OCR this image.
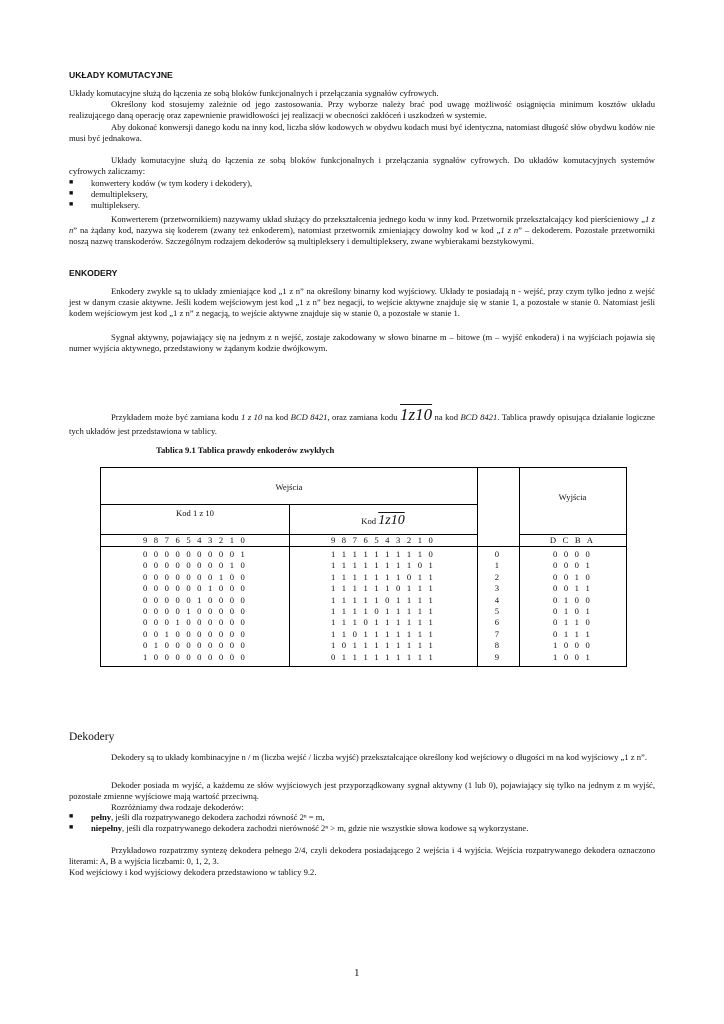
UKŁADY KOMUTACYJNE
Układy komutacyjne służą do łączenia ze sobą bloków funkcjonalnych i przełączania sygnałów cyfrowych.
Określony kod stosujemy zależnie od jego zastosowania. Przy wyborze należy brać pod uwagę możliwość osiągnięcia minimum kosztów układu realizującego daną operację oraz zapewnienie prawidłowości jej realizacji w obecności zakłóceń i uszkodzeń w systemie.
Aby dokonać konwersji danego kodu na inny kod, liczba słów kodowych w obydwu kodach musi być identyczna, natomiast długość słów obydwu kodów nie musi być jednakowa.
Układy komutacyjne służą do łączenia ze sobą bloków funkcjonalnych i przełączania sygnałów cyfrowych. Do układów komutacyjnych systemów cyfrowych zaliczamy:
■ konwertery kodów (w tym kodery i dekodery),
■ demultipleksery,
■ multipleksery.
Konwerterem (przetwornikiem) nazywamy układ służący do przekształcenia jednego kodu w inny kod. Przetwornik przekształcający kod pierścieniowy „1 z n” na żądany kod, nazywa się koderem (zwany też enkoderem), natomiast przetwornik zmieniający dowolny kod w kod „1 z n” – dekoderem. Pozostałe przetworniki noszą nazwę transkoderów. Szczególnym rodzajem dekoderów są multipleksery i demultipleksery, zwane wybierakami bezstykowymi.
ENKODERY
Enkodery zwykle są to układy zmieniające kod „1 z n” na określony binarny kod wyjściowy. Układy te posiadają n - wejść, przy czym tylko jedno z wejść jest w danym czasie aktywne. Jeśli kodem wejściowym jest kod „1 z n” bez negacji, to wejście aktywne znajduje się w stanie 1, a pozostałe w stanie 0. Natomiast jeśli kodem wejściowym jest kod „1 z n” z negacją, to wejście aktywne znajduje się w stanie 0, a pozostałe w stanie 1.
Sygnał aktywny, pojawiający się na jednym z n wejść, zostaje zakodowany w słowo binarne m – bitowe (m – wyjść enkodera) i na wyjściach pojawia się numer wyjścia aktywnego, przedstawiony w żądanym kodzie dwójkowym.
Przykładem może być zamiana kodu 1 z 10 na kod BCD 8421, oraz zamiana kodu 1z10 na kod BCD 8421. Tablica prawdy opisująca działanie logiczne tych układów jest przedstawiona w tablicy.
Tablica 9.1 Tablica prawdy enkoderów zwykłych
Wejścia
Wyjścia
Kod 1 z 10
Kod 1z10
9 8 7 6 5 4 3 2 1 0	9 8 7 6 5 4 3 2 1 0	D C B A
0 0 0 0 0 0 0 0 0 1	1 1 1 1 1 1 1 1 1 0	0	0 0 0 0
0 0 0 0 0 0 0 0 1 0	1 1 1 1 1 1 1 1 0 1	1	0 0 0 1
0 0 0 0 0 0 0 1 0 0	1 1 1 1 1 1 1 0 1 1	2	0 0 1 0
0 0 0 0 0 0 1 0 0 0	1 1 1 1 1 1 0 1 1 1	3	0 0 1 1
0 0 0 0 0 1 0 0 0 0	1 1 1 1 1 0 1 1 1 1	4	0 1 0 0
0 0 0 0 1 0 0 0 0 0	1 1 1 1 0 1 1 1 1 1	5	0 1 0 1
0 0 0 1 0 0 0 0 0 0	1 1 1 0 1 1 1 1 1 1	6	0 1 1 0
0 0 1 0 0 0 0 0 0 0	1 1 0 1 1 1 1 1 1 1	7	0 1 1 1
0 1 0 0 0 0 0 0 0 0	1 0 1 1 1 1 1 1 1 1	8	1 0 0 0
1 0 0 0 0 0 0 0 0 0	0 1 1 1 1 1 1 1 1 1	9	1 0 0 1
Dekodery
Dekodery są to układy kombinacyjne n / m (liczba wejść / liczba wyjść) przekształcające określony kod wejściowy o długości m na kod wyjściowy „1 z n”.
Dekoder posiada m wyjść, a każdemu ze słów wyjściowych jest przyporządkowany sygnał aktywny (1 lub 0), pojawiający się tylko na jednym z m wyjść, pozostałe zmienne wyjściowe mają wartość przeciwną.
Rozróżniamy dwa rodzaje dekoderów:
■ pełny, jeśli dla rozpatrywanego dekodera zachodzi równość 2ⁿ = m,
■ niepełny, jeśli dla rozpatrywanego dekodera zachodzi nierówność 2ⁿ > m, gdzie nie wszystkie słowa kodowe są wykorzystane.
Przykładowo rozpatrzmy syntezę dekodera pełnego 2/4, czyli dekodera posiadającego 2 wejścia i 4 wyjścia. Wejścia rozpatrywanego dekodera oznaczono literami: A, B a wyjścia liczbami: 0, 1, 2, 3.
Kod wejściowy i kod wyjściowy dekodera przedstawiono w tablicy 9.2.
1
